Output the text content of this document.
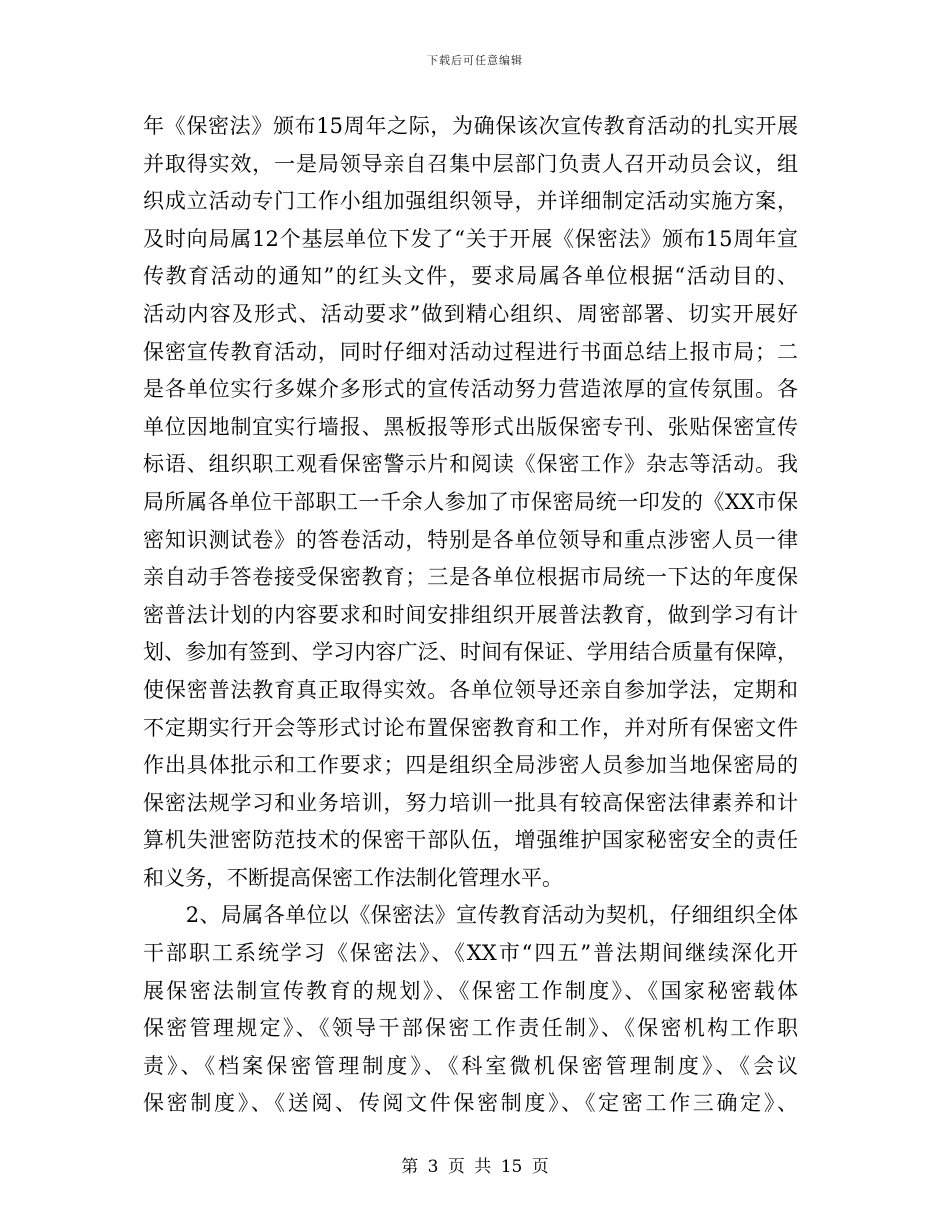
下载后可任意编辑
年《保密法》颁布15周年之际，为确保该次宣传教育活动的扎实开展
并取得实效，一是局领导亲自召集中层部门负责人召开动员会议，组
织成立活动专门工作小组加强组织领导，并详细制定活动实施方案，
及时向局属12个基层单位下发了“关于开展《保密法》颁布15周年宣
传教育活动的通知”的红头文件，要求局属各单位根据“活动目的、
活动内容及形式、活动要求”做到精心组织、周密部署、切实开展好
保密宣传教育活动，同时仔细对活动过程进行书面总结上报市局；二
是各单位实行多媒介多形式的宣传活动努力营造浓厚的宣传氛围。各
单位因地制宜实行墙报、黑板报等形式出版保密专刊、张贴保密宣传
标语、组织职工观看保密警示片和阅读《保密工作》杂志等活动。我
局所属各单位干部职工一千余人参加了市保密局统一印发的《XX市保
密知识测试卷》的答卷活动，特别是各单位领导和重点涉密人员一律
亲自动手答卷接受保密教育；三是各单位根据市局统一下达的年度保
密普法计划的内容要求和时间安排组织开展普法教育，做到学习有计
划、参加有签到、学习内容广泛、时间有保证、学用结合质量有保障，
使保密普法教育真正取得实效。各单位领导还亲自参加学法，定期和
不定期实行开会等形式讨论布置保密教育和工作，并对所有保密文件
作出具体批示和工作要求；四是组织全局涉密人员参加当地保密局的
保密法规学习和业务培训，努力培训一批具有较高保密法律素养和计
算机失泄密防范技术的保密干部队伍，增强维护国家秘密安全的责任
和义务，不断提高保密工作法制化管理水平。
　　2、局属各单位以《保密法》宣传教育活动为契机，仔细组织全体
干部职工系统学习《保密法》、《XX市“四五”普法期间继续深化开
展保密法制宣传教育的规划》、《保密工作制度》、《国家秘密载体
保密管理规定》、《领导干部保密工作责任制》、《保密机构工作职
责》、《档案保密管理制度》、《科室微机保密管理制度》、《会议
保密制度》、《送阅、传阅文件保密制度》、《定密工作三确定》、
第 3 页 共 15 页
